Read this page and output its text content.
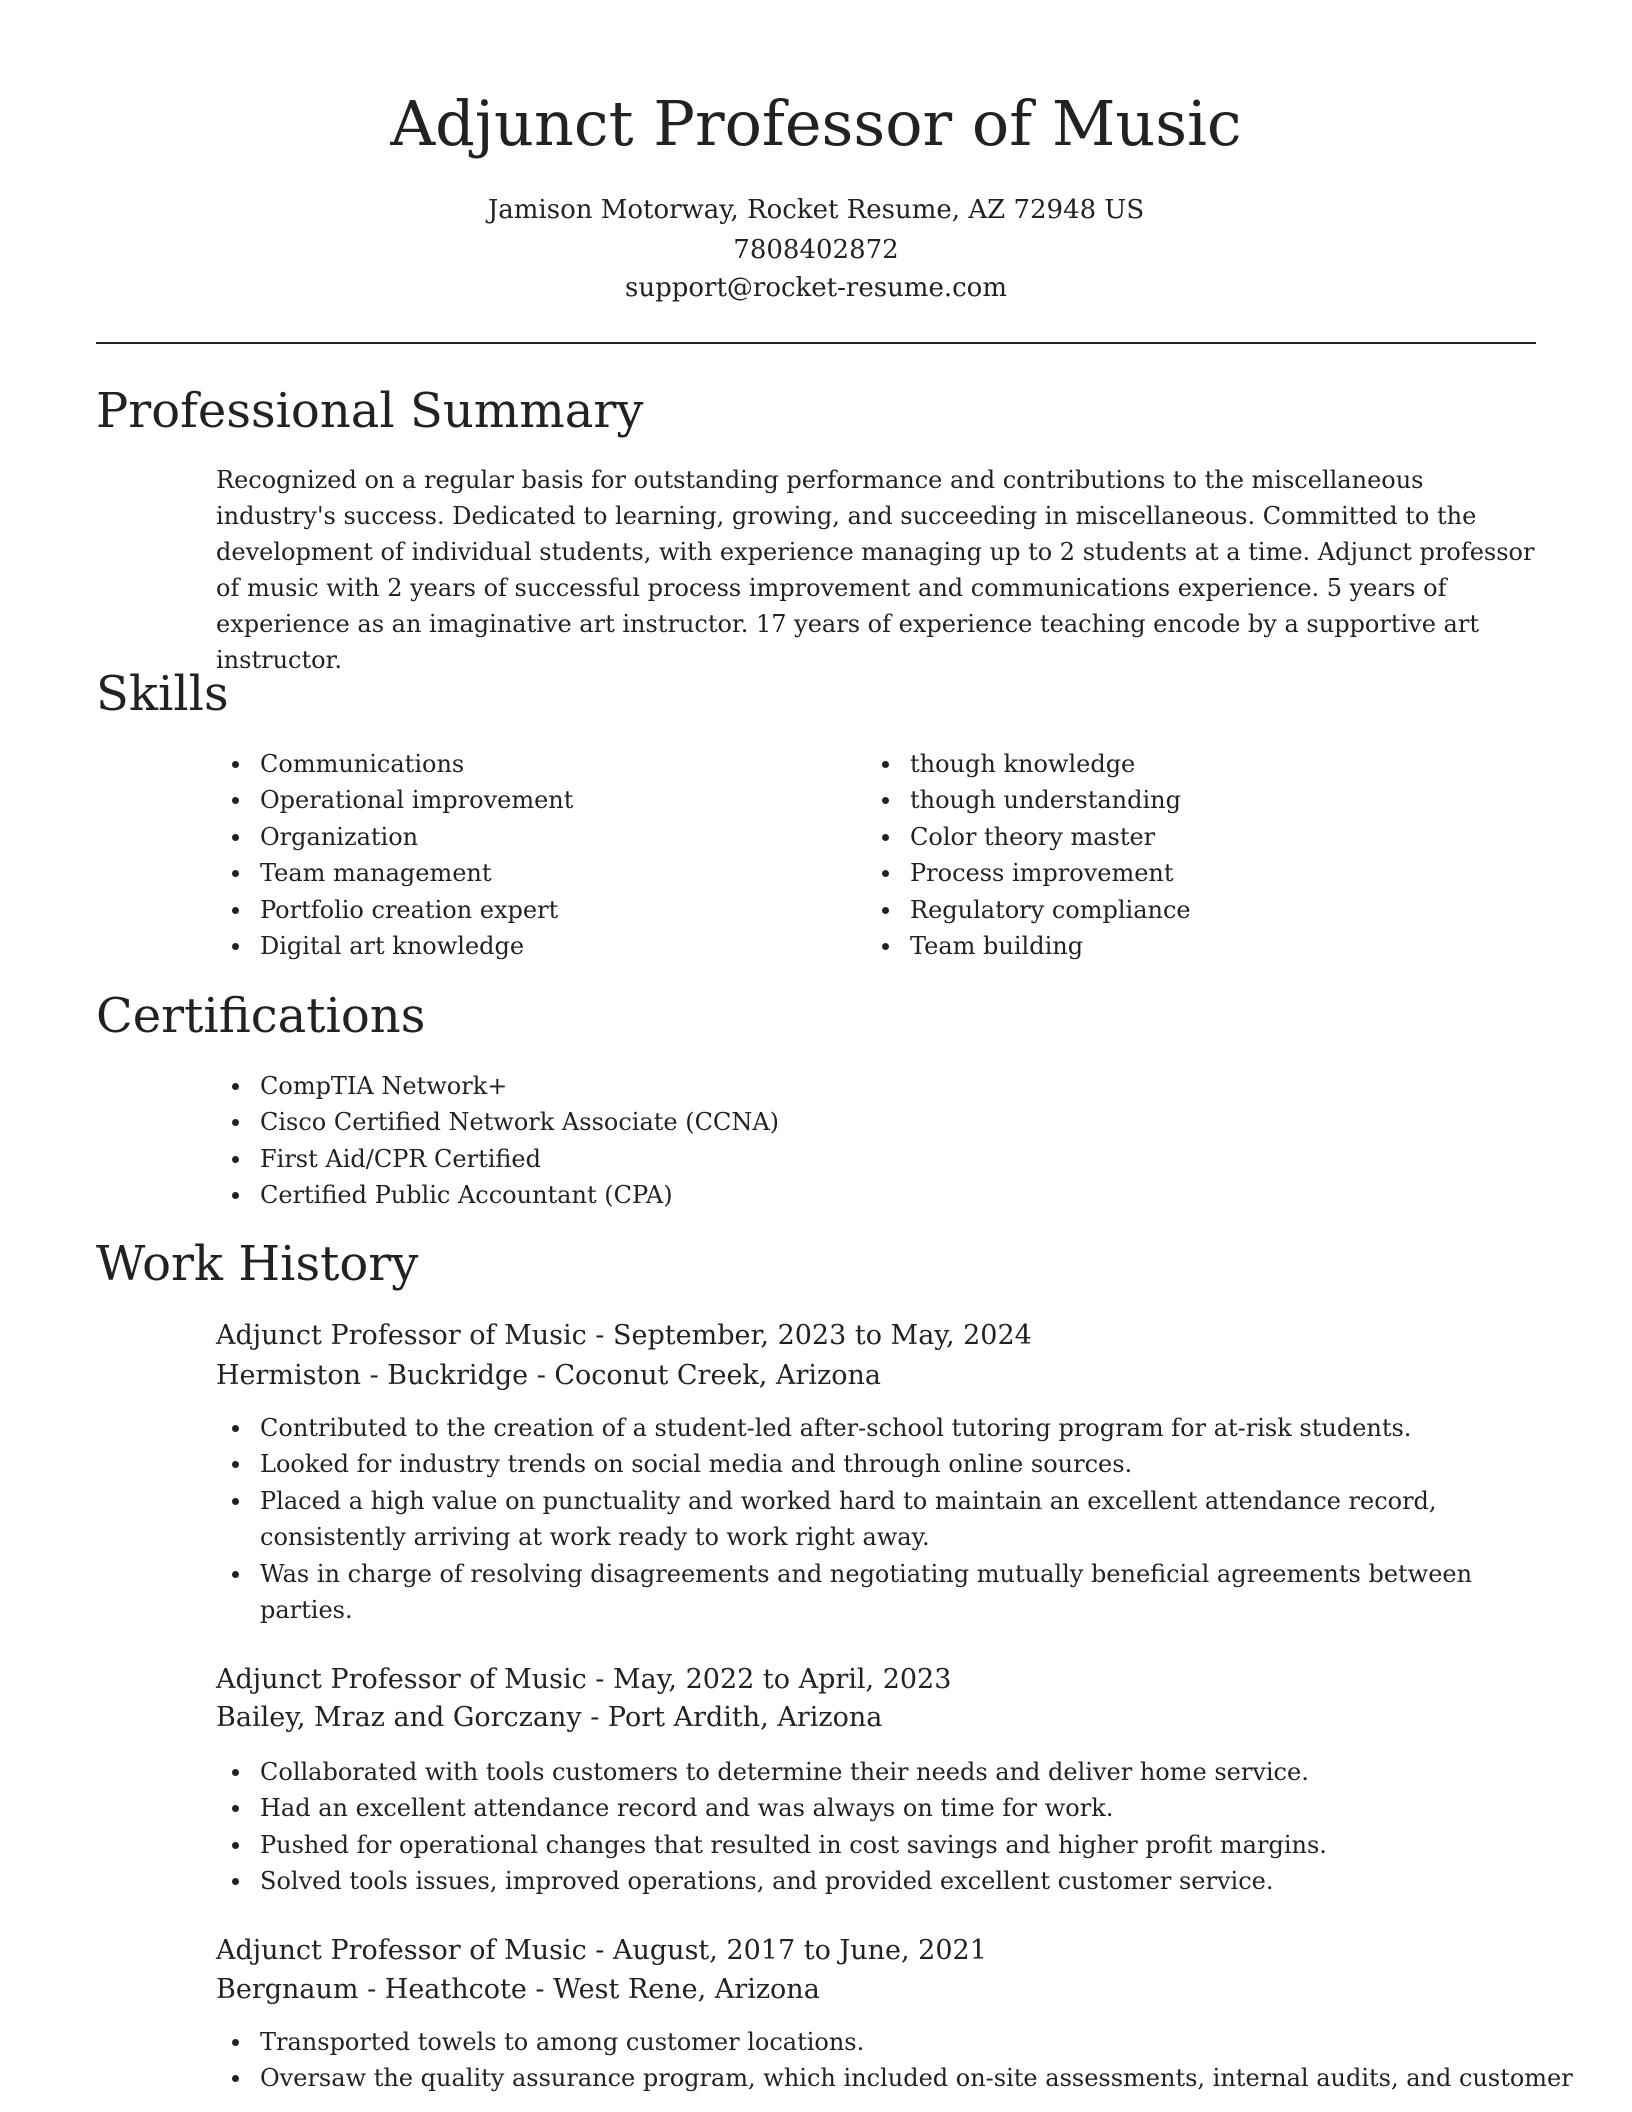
Adjunct Professor of Music
Jamison Motorway, Rocket Resume, AZ 72948 US
7808402872
support@rocket-resume.com
Professional Summary

Recognized on a regular basis for outstanding performance and contributions to the miscellaneous industry's success. Dedicated to learning, growing, and succeeding in miscellaneous. Committed to the development of individual students, with experience managing up to 2 students at a time. Adjunct professor of music with 2 years of successful process improvement and communications experience. 5 years of experience as an imaginative art instructor. 17 years of experience teaching encode by a supportive art instructor.

Skills
Communications
Operational improvement
Organization
Team management
Portfolio creation expert
Digital art knowledge
though knowledge
though understanding
Color theory master
Process improvement
Regulatory compliance
Team building
Certifications
CompTIA Network+
Cisco Certified Network Associate (CCNA)
First Aid/CPR Certified
Certified Public Accountant (CPA)
Work History
Adjunct Professor of Music - September, 2023 to May, 2024
Hermiston - Buckridge - Coconut Creek, Arizona
Contributed to the creation of a student-led after-school tutoring program for at-risk students.
Looked for industry trends on social media and through online sources.
Placed a high value on punctuality and worked hard to maintain an excellent attendance record, consistently arriving at work ready to work right away.
Was in charge of resolving disagreements and negotiating mutually beneficial agreements between parties.
Adjunct Professor of Music - May, 2022 to April, 2023
Bailey, Mraz and Gorczany - Port Ardith, Arizona
Collaborated with tools customers to determine their needs and deliver home service.
Had an excellent attendance record and was always on time for work.
Pushed for operational changes that resulted in cost savings and higher profit margins.
Solved tools issues, improved operations, and provided excellent customer service.
Adjunct Professor of Music - August, 2017 to June, 2021
Bergnaum - Heathcote - West Rene, Arizona
Transported towels to among customer locations.
Oversaw the quality assurance program, which included on-site assessments, internal audits, and customer
